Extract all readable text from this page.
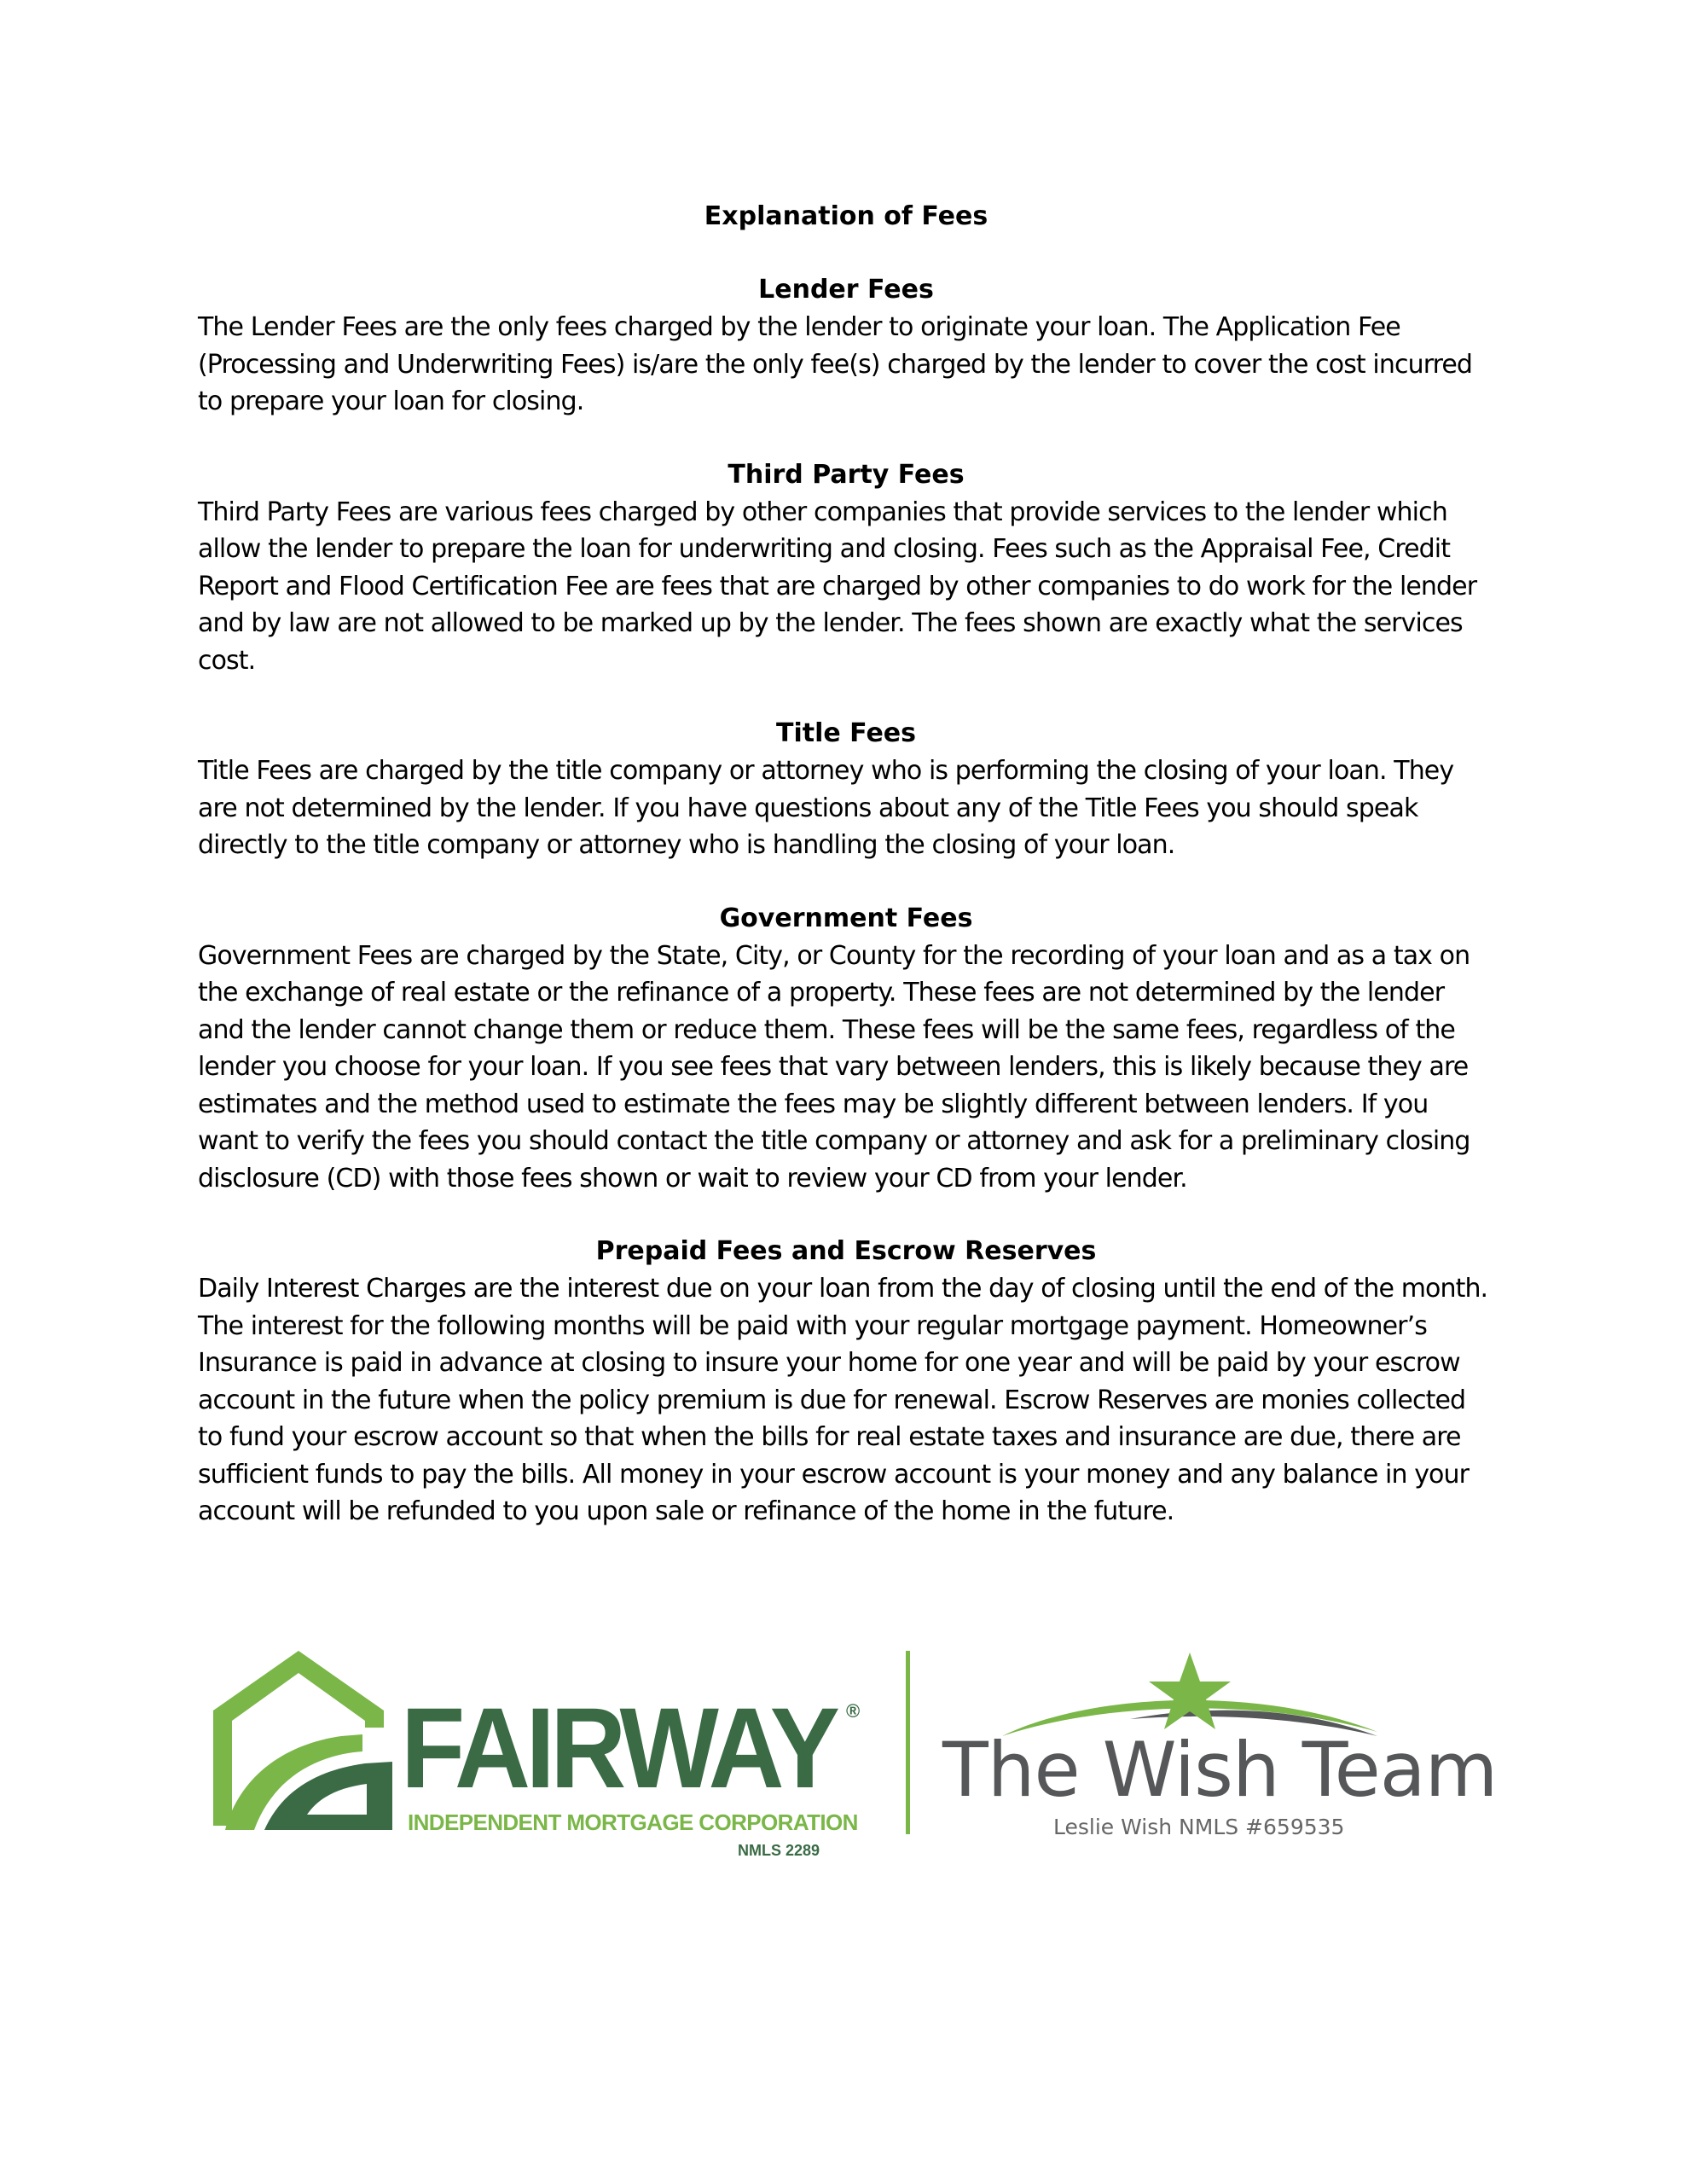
Explanation of Fees
Lender Fees

The Lender Fees are the only fees charged by the lender to originate your loan. The Application Fee (Processing and Underwriting Fees) is/are the only fee(s) charged by the lender to cover the cost incurred to prepare your loan for closing.

Third Party Fees

Third Party Fees are various fees charged by other companies that provide services to the lender which allow the lender to prepare the loan for underwriting and closing. Fees such as the Appraisal Fee, Credit Report and Flood Certification Fee are fees that are charged by other companies to do work for the lender and by law are not allowed to be marked up by the lender. The fees shown are exactly what the services cost.

Title Fees

Title Fees are charged by the title company or attorney who is performing the closing of your loan. They are not determined by the lender. If you have questions about any of the Title Fees you should speak directly to the title company or attorney who is handling the closing of your loan.

Government Fees

Government Fees are charged by the State, City, or County for the recording of your loan and as a tax on the exchange of real estate or the refinance of a property. These fees are not determined by the lender and the lender cannot change them or reduce them. These fees will be the same fees, regardless of the lender you choose for your loan. If you see fees that vary between lenders, this is likely because they are estimates and the method used to estimate the fees may be slightly different between lenders. If you want to verify the fees you should contact the title company or attorney and ask for a preliminary closing disclosure (CD) with those fees shown or wait to review your CD from your lender.

Prepaid Fees and Escrow Reserves

Daily Interest Charges are the interest due on your loan from the day of closing until the end of the month. The interest for the following months will be paid with your regular mortgage payment. Homeowner’s Insurance is paid in advance at closing to insure your home for one year and will be paid by your escrow account in the future when the policy premium is due for renewal. Escrow Reserves are monies collected to fund your escrow account so that when the bills for real estate taxes and insurance are due, there are sufficient funds to pay the bills. All money in your escrow account is your money and any balance in your account will be refunded to you upon sale or refinance of the home in the future.

FAIRWAY ®
INDEPENDENT MORTGAGE CORPORATION
NMLS 2289
The Wish Team
Leslie Wish NMLS #659535
